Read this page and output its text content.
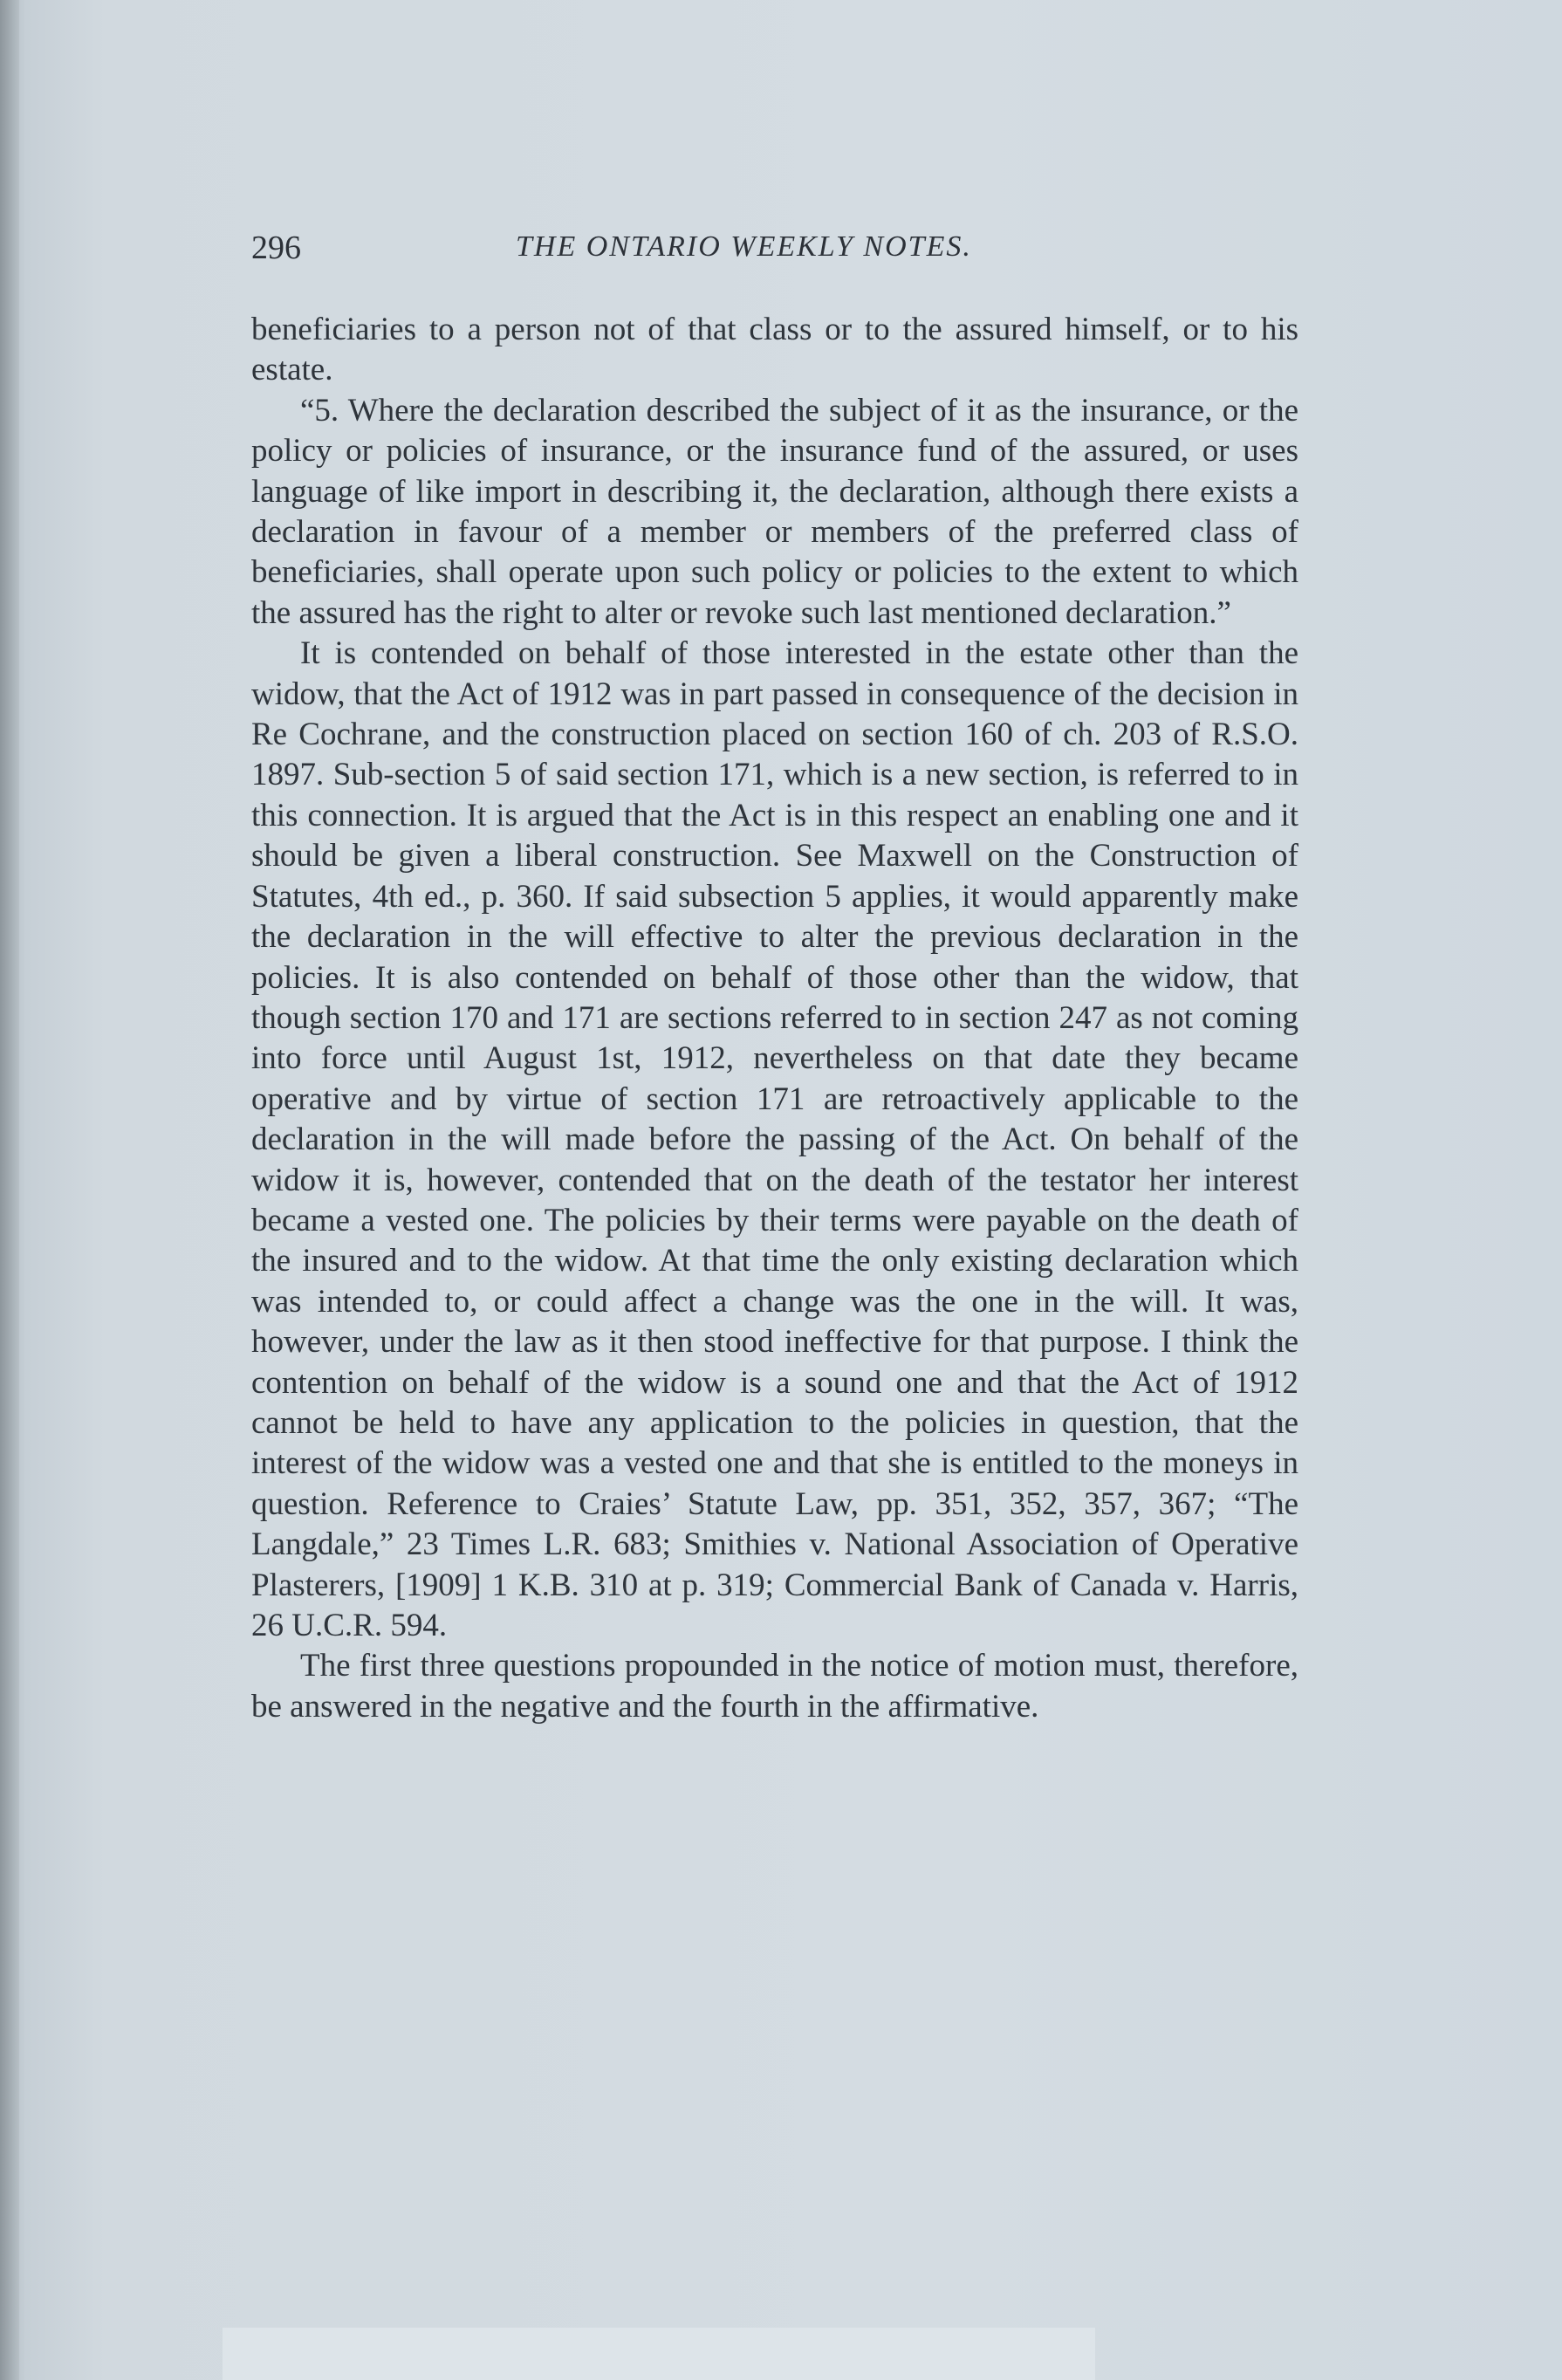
296	THE ONTARIO WEEKLY NOTES.

beneficiaries to a person not of that class or to the assured himself, or to his estate.

“5. Where the declaration described the subject of it as the insurance, or the policy or policies of insurance, or the insurance fund of the assured, or uses language of like import in describing it, the declaration, although there exists a declaration in favour of a member or members of the preferred class of beneficiaries, shall operate upon such policy or policies to the extent to which the assured has the right to alter or revoke such last mentioned declaration.”

It is contended on behalf of those interested in the estate other than the widow, that the Act of 1912 was in part passed in consequence of the decision in Re Cochrane, and the construction placed on section 160 of ch. 203 of R.S.O. 1897. Sub-section 5 of said section 171, which is a new section, is referred to in this connection. It is argued that the Act is in this respect an enabling one and it should be given a liberal construction. See Maxwell on the Construction of Statutes, 4th ed., p. 360. If said subsection 5 applies, it would apparently make the declaration in the will effective to alter the previous declaration in the policies. It is also contended on behalf of those other than the widow, that though section 170 and 171 are sections referred to in section 247 as not coming into force until August 1st, 1912, nevertheless on that date they became operative and by virtue of section 171 are retroactively applicable to the declaration in the will made before the passing of the Act. On behalf of the widow it is, however, contended that on the death of the testator her interest became a vested one. The policies by their terms were payable on the death of the insured and to the widow. At that time the only existing declaration which was intended to, or could affect a change was the one in the will. It was, however, under the law as it then stood ineffective for that purpose. I think the contention on behalf of the widow is a sound one and that the Act of 1912 cannot be held to have any application to the policies in question, that the interest of the widow was a vested one and that she is entitled to the moneys in question. Reference to Craies’ Statute Law, pp. 351, 352, 357, 367; “The Langdale,” 23 Times L.R. 683; Smithies v. National Association of Operative Plasterers, [1909] 1 K.B. 310 at p. 319; Commercial Bank of Canada v. Harris, 26 U.C.R. 594.

The first three questions propounded in the notice of motion must, therefore, be answered in the negative and the fourth in the affirmative.
